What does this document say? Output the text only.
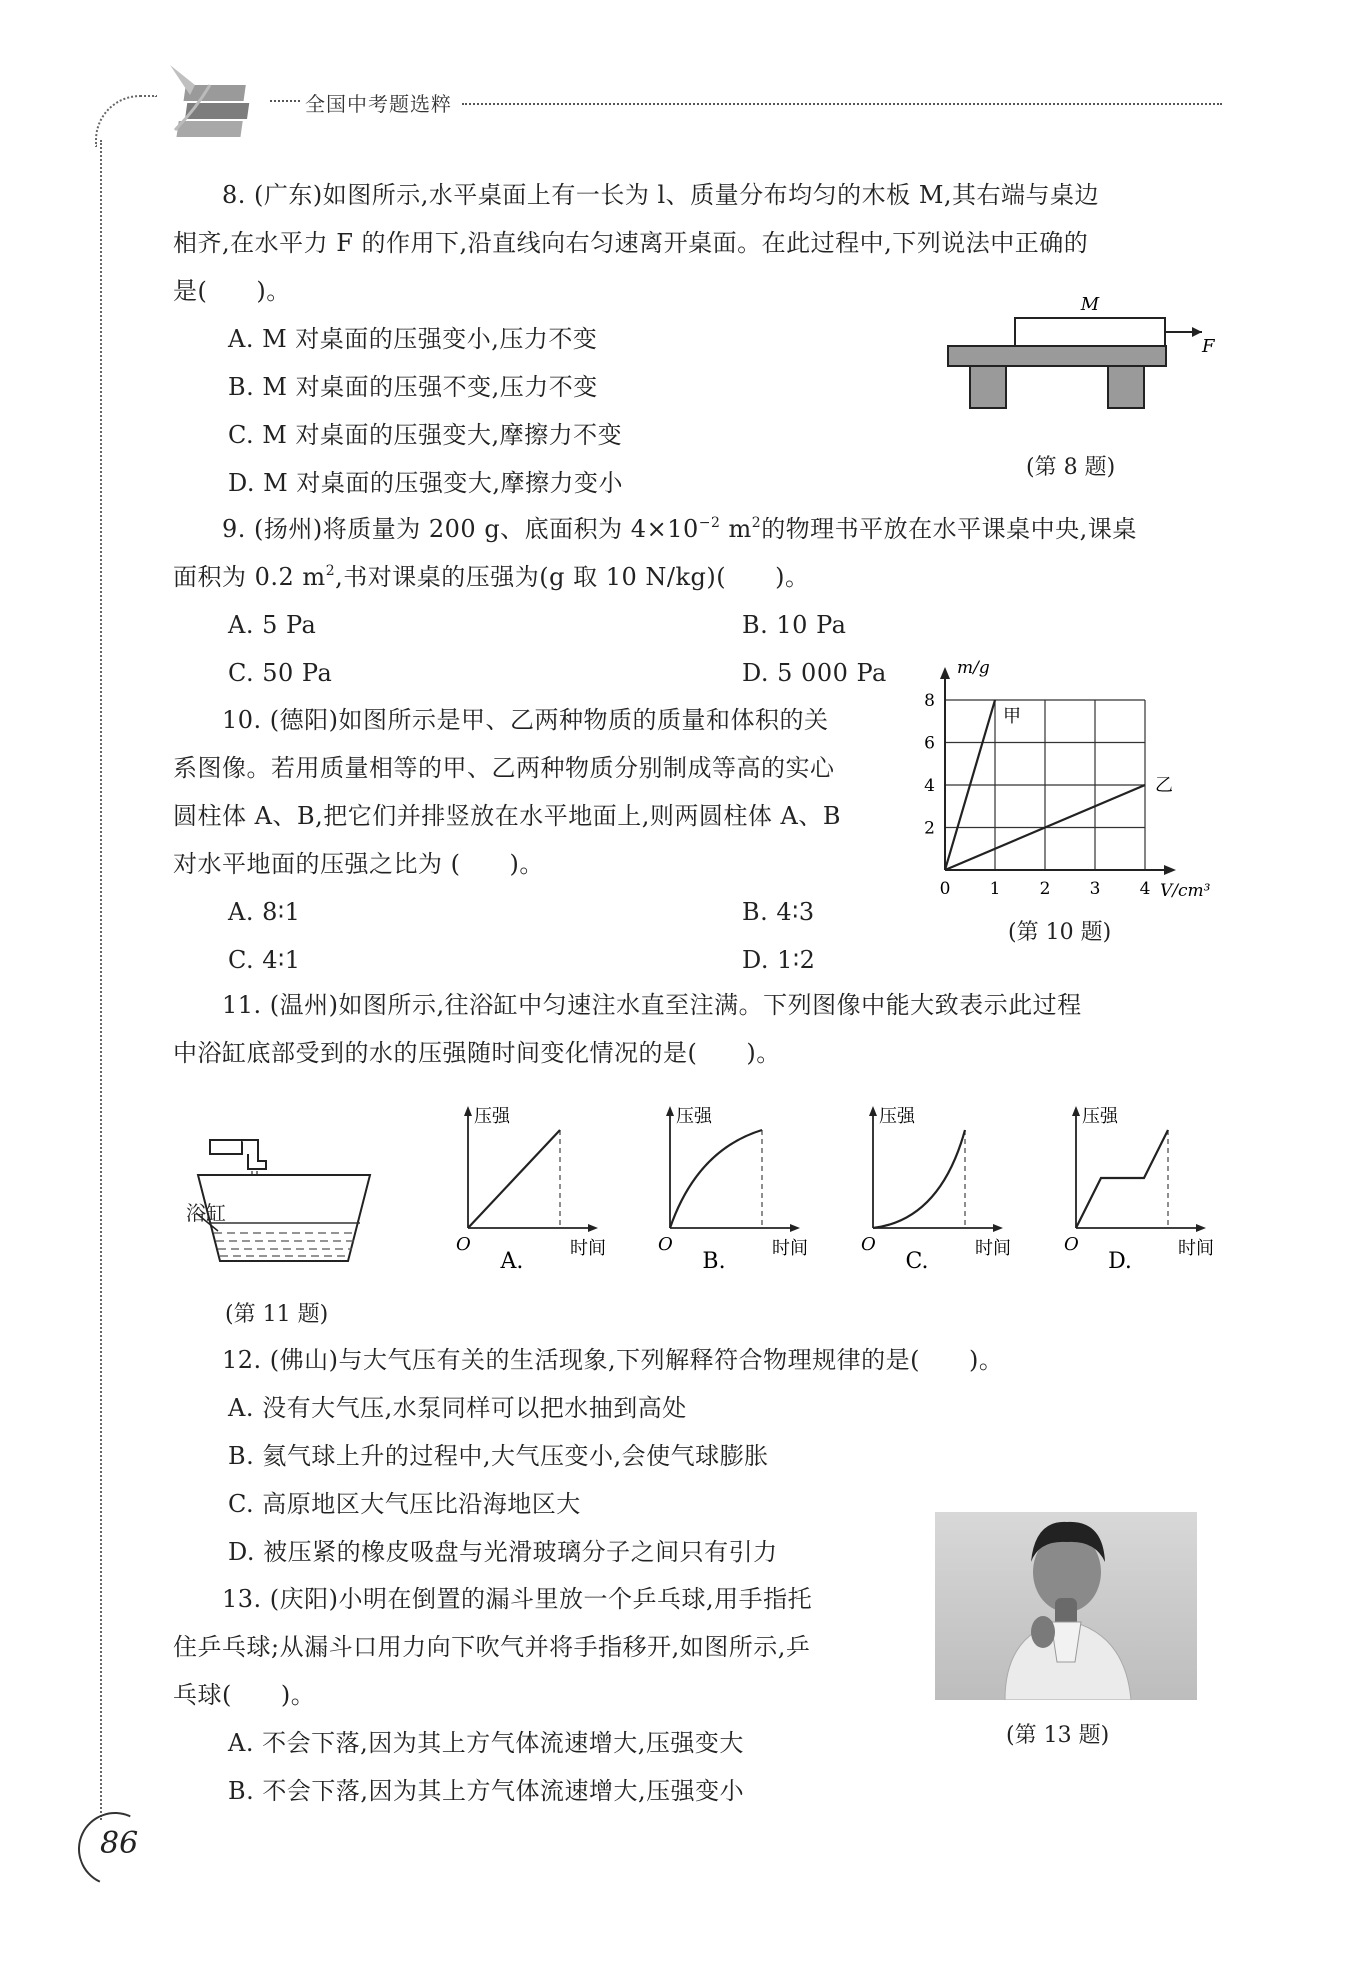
全国中考题选粹
8. (广东)如图所示,水平桌面上有一长为 l、质量分布均匀的木板 M,其右端与桌边
相齐,在水平力 F 的作用下,沿直线向右匀速离开桌面。在此过程中,下列说法中正确的
是(　　)。
A. M 对桌面的压强变小,压力不变
B. M 对桌面的压强不变,压力不变
C. M 对桌面的压强变大,摩擦力不变
D. M 对桌面的压强变大,摩擦力变小
M
F
(第 8 题)
9. (扬州)将质量为 200 g、底面积为 $4\times 10^{-2}$ $m^2$的物理书平放在水平课桌中央,课桌
面积为 0.2 $m^2$,书对课桌的压强为(g 取 10 N/kg)(　　)。
A. 5 Pa	B. 10 Pa
C. 50 Pa	D. 5 000 Pa
10. (德阳)如图所示是甲、乙两种物质的质量和体积的关
系图像。若用质量相等的甲、乙两种物质分别制成等高的实心
圆柱体 A、B,把它们并排竖放在水平地面上,则两圆柱体 A、B
对水平地面的压强之比为 (　　)。
A. 8∶1	B. 4∶3
C. 4∶1	D. 1∶2
0 1 2 3 4
2
4
6
8
m/g
V/cm³
甲
乙
(第 10 题)
11. (温州)如图所示,往浴缸中匀速注水直至注满。下列图像中能大致表示此过程
中浴缸底部受到的水的压强随时间变化情况的是(　　)。
浴缸
(第 11 题)
压强
时间
O
A.
压强
时间
O
B.
压强
时间
O
C.
压强
时间
O
D.
12. (佛山)与大气压有关的生活现象,下列解释符合物理规律的是(　　)。
A. 没有大气压,水泵同样可以把水抽到高处
B. 氦气球上升的过程中,大气压变小,会使气球膨胀
C. 高原地区大气压比沿海地区大
D. 被压紧的橡皮吸盘与光滑玻璃分子之间只有引力
13. (庆阳)小明在倒置的漏斗里放一个乒乓球,用手指托
住乒乓球;从漏斗口用力向下吹气并将手指移开,如图所示,乒
乓球(　　)。
A. 不会下落,因为其上方气体流速增大,压强变大
B. 不会下落,因为其上方气体流速增大,压强变小
(第 13 题)
86
